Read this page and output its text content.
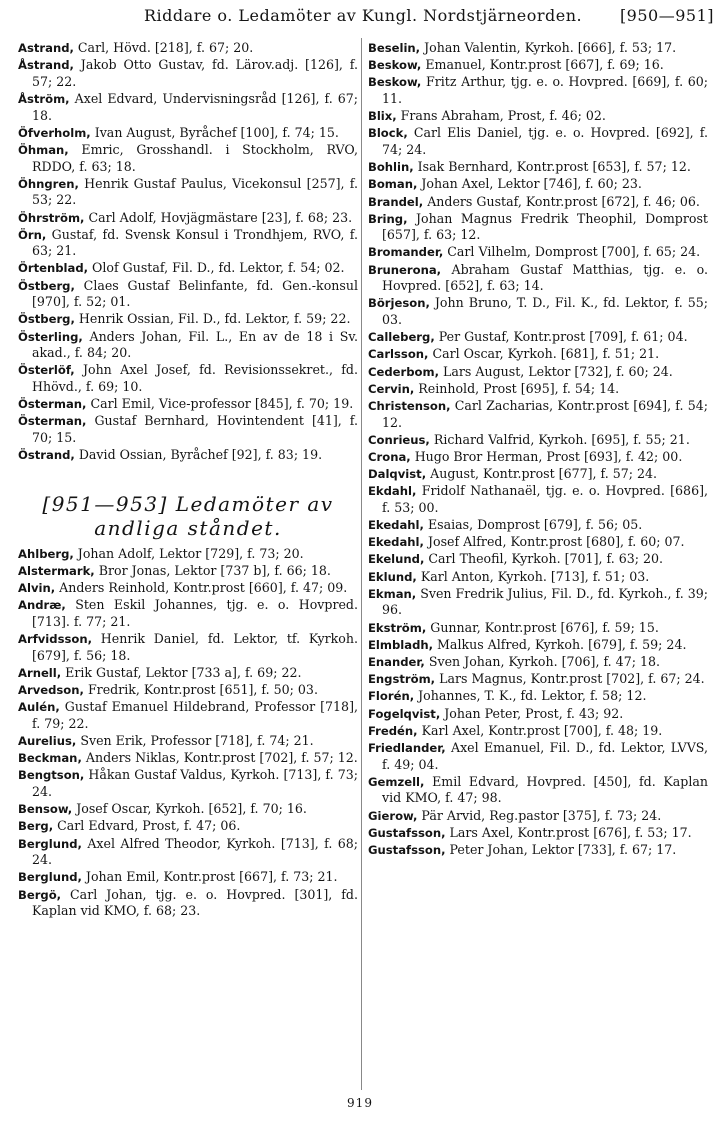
Riddare o. Ledamöter av Kungl. Nordstjärneorden. [950—951]
Astrand, Carl, Hövd. [218], f. 67; 20.
Åstrand, Jakob Otto Gustav, fd. Lärov.adj. [126], f. 57; 22.
Åström, Axel Edvard, Undervisningsråd [126], f. 67; 18.
Öfverholm, Ivan August, Byråchef [100], f. 74; 15.
Öhman, Emric, Grosshandl. i Stockholm, RVO, RDDO, f. 63; 18.
Öhngren, Henrik Gustaf Paulus, Vicekonsul [257], f. 53; 22.
Öhrström, Carl Adolf, Hovjägmästare [23], f. 68; 23.
Örn, Gustaf, fd. Svensk Konsul i Trondhjem, RVO, f. 63; 21.
Örtenblad, Olof Gustaf, Fil. D., fd. Lektor, f. 54; 02.
Östberg, Claes Gustaf Belinfante, fd. Gen.-konsul [970], f. 52; 01.
Östberg, Henrik Ossian, Fil. D., fd. Lektor, f. 59; 22.
Österling, Anders Johan, Fil. L., En av de 18 i Sv. akad., f. 84; 20.
Österlöf, John Axel Josef, fd. Revisionssekret., fd. Hhövd., f. 69; 10.
Österman, Carl Emil, Vice-professor [845], f. 70; 19.
Österman, Gustaf Bernhard, Hovintendent [41], f. 70; 15.
Östrand, David Ossian, Byråchef [92], f. 83; 19.
[951—953] Ledamöter av andliga ståndet.
Ahlberg, Johan Adolf, Lektor [729], f. 73; 20.
Alstermark, Bror Jonas, Lektor [737 b], f. 66; 18.
Alvin, Anders Reinhold, Kontr.prost [660], f. 47; 09.
Andræ, Sten Eskil Johannes, tjg. e. o. Hovpred. [713]. f. 77; 21.
Arfvidsson, Henrik Daniel, fd. Lektor, tf. Kyrkoh. [679], f. 56; 18.
Arnell, Erik Gustaf, Lektor [733 a], f. 69; 22.
Arvedson, Fredrik, Kontr.prost [651], f. 50; 03.
Aulén, Gustaf Emanuel Hildebrand, Professor [718], f. 79; 22.
Aurelius, Sven Erik, Professor [718], f. 74; 21.
Beckman, Anders Niklas, Kontr.prost [702], f. 57; 12.
Bengtson, Håkan Gustaf Valdus, Kyrkoh. [713], f. 73; 24.
Bensow, Josef Oscar, Kyrkoh. [652], f. 70; 16.
Berg, Carl Edvard, Prost, f. 47; 06.
Berglund, Axel Alfred Theodor, Kyrkoh. [713], f. 68; 24.
Berglund, Johan Emil, Kontr.prost [667], f. 73; 21.
Bergö, Carl Johan, tjg. e. o. Hovpred. [301], fd. Kaplan vid KMO, f. 68; 23.
Beselin, Johan Valentin, Kyrkoh. [666], f. 53; 17.
Beskow, Emanuel, Kontr.prost [667], f. 69; 16.
Beskow, Fritz Arthur, tjg. e. o. Hovpred. [669], f. 60; 11.
Blix, Frans Abraham, Prost, f. 46; 02.
Block, Carl Elis Daniel, tjg. e. o. Hovpred. [692], f. 74; 24.
Bohlin, Isak Bernhard, Kontr.prost [653], f. 57; 12.
Boman, Johan Axel, Lektor [746], f. 60; 23.
Brandel, Anders Gustaf, Kontr.prost [672], f. 46; 06.
Bring, Johan Magnus Fredrik Theophil, Domprost [657], f. 63; 12.
Bromander, Carl Vilhelm, Domprost [700], f. 65; 24.
Brunerona, Abraham Gustaf Matthias, tjg. e. o. Hovpred. [652], f. 63; 14.
Börjeson, John Bruno, T. D., Fil. K., fd. Lektor, f. 55; 03.
Calleberg, Per Gustaf, Kontr.prost [709], f. 61; 04.
Carlsson, Carl Oscar, Kyrkoh. [681], f. 51; 21.
Cederbom, Lars August, Lektor [732], f. 60; 24.
Cervin, Reinhold, Prost [695], f. 54; 14.
Christenson, Carl Zacharias, Kontr.prost [694], f. 54; 12.
Conrieus, Richard Valfrid, Kyrkoh. [695], f. 55; 21.
Crona, Hugo Bror Herman, Prost [693], f. 42; 00.
Dalqvist, August, Kontr.prost [677], f. 57; 24.
Ekdahl, Fridolf Nathanaël, tjg. e. o. Hovpred. [686], f. 53; 00.
Ekedahl, Esaias, Domprost [679], f. 56; 05.
Ekedahl, Josef Alfred, Kontr.prost [680], f. 60; 07.
Ekelund, Carl Theofil, Kyrkoh. [701], f. 63; 20.
Eklund, Karl Anton, Kyrkoh. [713], f. 51; 03.
Ekman, Sven Fredrik Julius, Fil. D., fd. Kyrkoh., f. 39; 96.
Ekström, Gunnar, Kontr.prost [676], f. 59; 15.
Elmbladh, Malkus Alfred, Kyrkoh. [679], f. 59; 24.
Enander, Sven Johan, Kyrkoh. [706], f. 47; 18.
Engström, Lars Magnus, Kontr.prost [702], f. 67; 24.
Florén, Johannes, T. K., fd. Lektor, f. 58; 12.
Fogelqvist, Johan Peter, Prost, f. 43; 92.
Fredén, Karl Axel, Kontr.prost [700], f. 48; 19.
Friedlander, Axel Emanuel, Fil. D., fd. Lektor, LVVS, f. 49; 04.
Gemzell, Emil Edvard, Hovpred. [450], fd. Kaplan vid KMO, f. 47; 98.
Gierow, Pär Arvid, Reg.pastor [375], f. 73; 24.
Gustafsson, Lars Axel, Kontr.prost [676], f. 53; 17.
Gustafsson, Peter Johan, Lektor [733], f. 67; 17.
919
